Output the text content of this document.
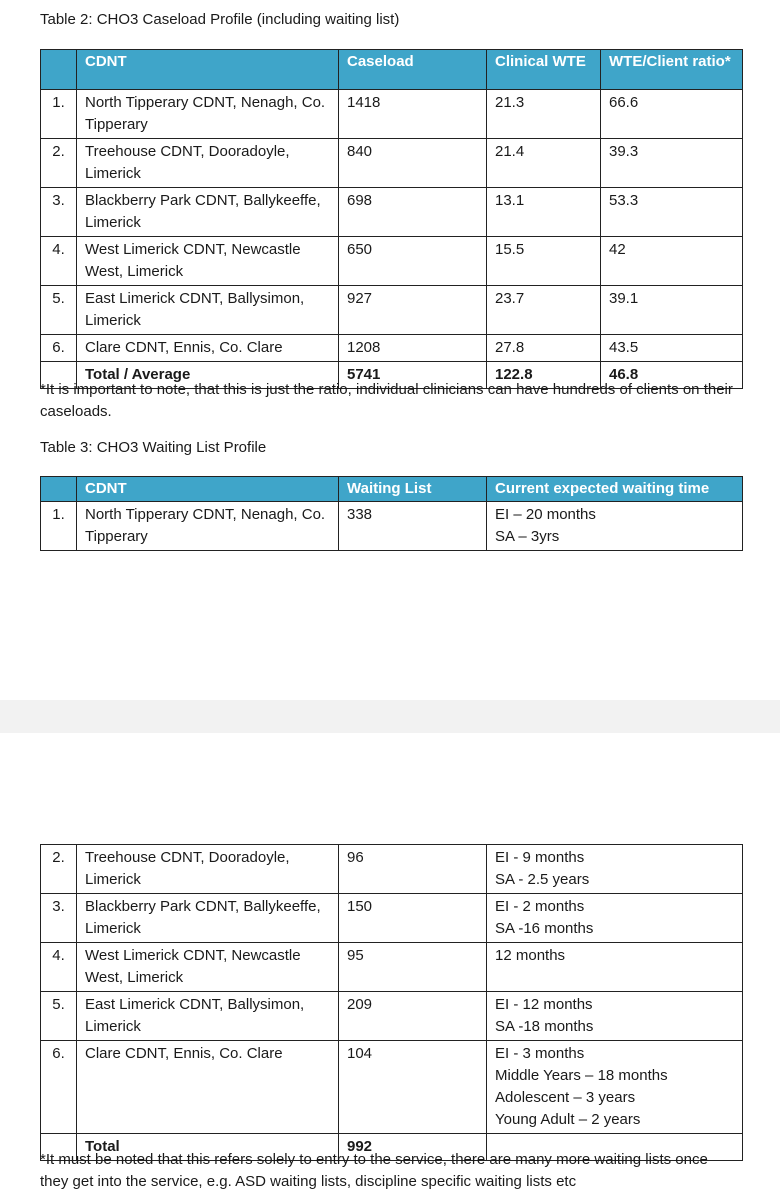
Table 2: CHO3 Caseload Profile (including waiting list)
	CDNT	Caseload	Clinical WTE	WTE/Client ratio*
1.	North Tipperary CDNT, Nenagh, Co. Tipperary	1418	21.3	66.6
2.	Treehouse CDNT, Dooradoyle, Limerick	840	21.4	39.3
3.	Blackberry Park CDNT, Ballykeeffe, Limerick	698	13.1	53.3
4.	West Limerick CDNT, Newcastle West, Limerick	650	15.5	42
5.	East Limerick CDNT, Ballysimon, Limerick	927	23.7	39.1
6.	Clare CDNT, Ennis, Co. Clare	1208	27.8	43.5
	Total / Average	5741	122.8	46.8
*It is important to note, that this is just the ratio, individual clinicians can have hundreds of clients on their caseloads.
Table 3: CHO3 Waiting List Profile
	CDNT	Waiting List	Current expected waiting time
1.	North Tipperary CDNT, Nenagh, Co. Tipperary	338	EI – 20 months
SA – 3yrs
2.	Treehouse CDNT, Dooradoyle, Limerick	96	EI - 9 months
SA - 2.5 years

3.	Blackberry Park CDNT, Ballykeeffe, Limerick	150	EI - 2 months
SA -16 months

4.	West Limerick CDNT, Newcastle West, Limerick	95	12 months

5.	East Limerick CDNT, Ballysimon, Limerick	209	EI - 12 months
SA -18 months

6.	Clare CDNT, Ennis, Co. Clare	104	EI - 3 months
Middle Years – 18 months
Adolescent – 3 years
Young Adult – 2 years

	Total	992	
*It must be noted that this refers solely to entry to the service, there are many more waiting lists once they get into the service, e.g. ASD waiting lists, discipline specific waiting lists etc
